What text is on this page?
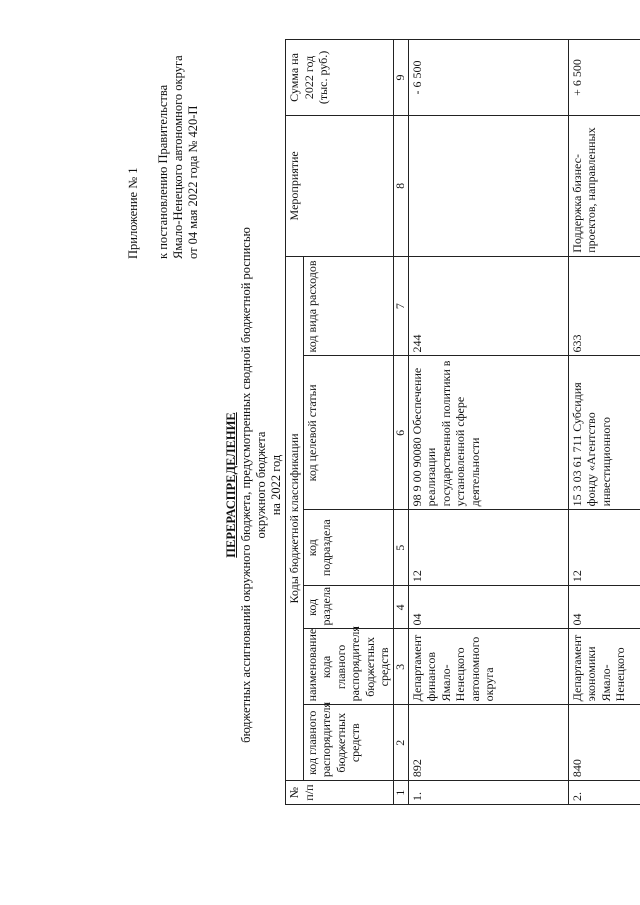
Приложение № 1 к постановлению Правительства Ямало-Ненецкого автономного округа от 04 мая 2022 года № 420-П
ПЕРЕРАСПРЕДЕЛЕНИЕ бюджетных ассигнований окружного бюджета, предусмотренных сводной бюджетной росписью окружного бюджета на 2022 год
№ п/п	Коды бюджетной классификации						Мероприятие	Сумма на 2022 год (тыс. руб.)
	код главного распорядителя бюджетных средств	наименование кода главного распорядителя бюджетных средств	код раздела	код подраздела	код целевой статьи	код вида расходов		
1	2	3	4	5	6	7	8	9
1.	892	Департамент финансов Ямало-Ненецкого автономного округа	04	12	98 9 00 90080 Обеспечение реализации государственной политики в установленной сфере деятельности	244		- 6 500
2.	840	Департамент экономики Ямало-Ненецкого	04	12	15 3 03 61 711 Субсидия фонду «Агентство инвестиционного	633	Поддержка бизнес-проектов, направленных	+ 6 500
